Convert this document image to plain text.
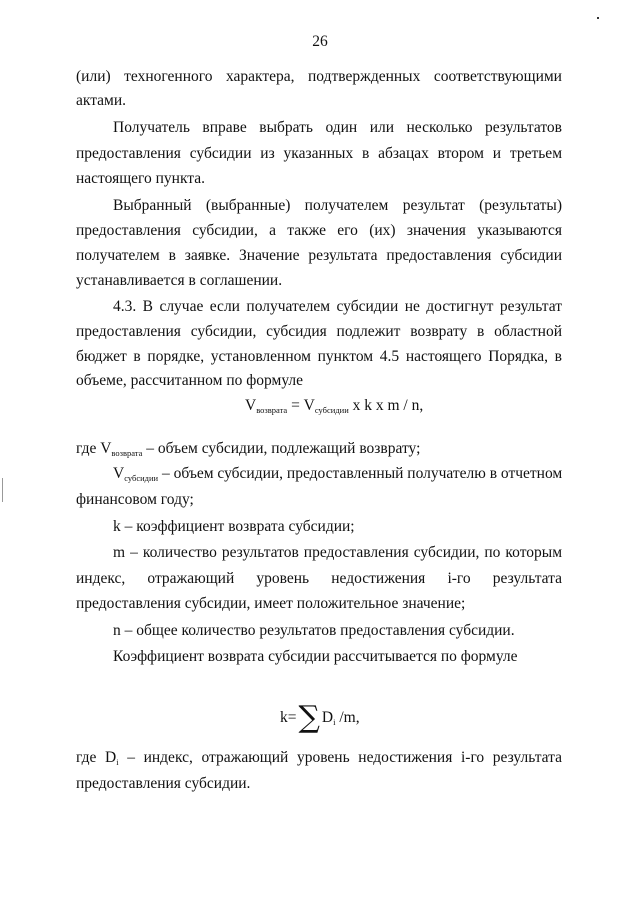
26
(или) техногенного характера, подтвержденных соответствующими
актами.
Получатель вправе выбрать один или несколько результатов
предоставления субсидии из указанных в абзацах втором и третьем
настоящего пункта.
Выбранный (выбранные) получателем результат (результаты)
предоставления субсидии, а также его (их) значения указываются
получателем в заявке. Значение результата предоставления субсидии
устанавливается в соглашении.
4.3. В случае если получателем субсидии не достигнут результат
предоставления субсидии, субсидия подлежит возврату в областной
бюджет в порядке, установленном пунктом 4.5 настоящего Порядка, в
объеме, рассчитанном по формуле
Vвозврата = Vсубсидии x k x m / n,
где Vвозврата – объем субсидии, подлежащий возврату;
Vсубсидии – объем субсидии, предоставленный получателю в отчетном
финансовом году;
k – коэффициент возврата субсидии;
m – количество результатов предоставления субсидии, по которым
индекс, отражающий уровень недостижения i-го результата
предоставления субсидии, имеет положительное значение;
n – общее количество результатов предоставления субсидии.
Коэффициент возврата субсидии рассчитывается по формуле
k=∑ Di /m,
где Di – индекс, отражающий уровень недостижения i-го результата
предоставления субсидии.
